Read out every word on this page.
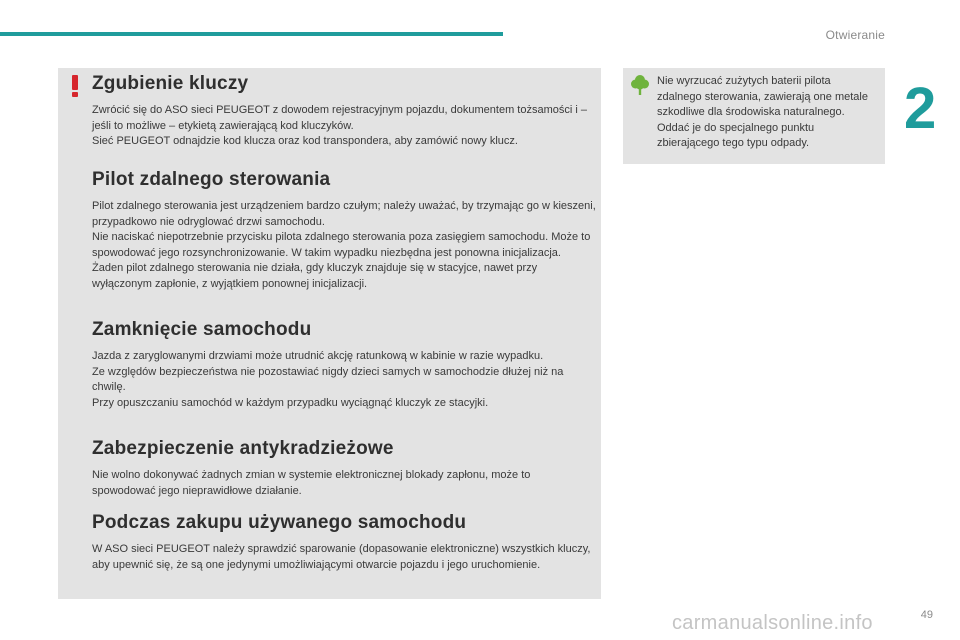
Otwieranie
2
Zgubienie kluczy

Zwrócić się do ASO sieci PEUGEOT z dowodem rejestracyjnym pojazdu, dokumentem tożsamości i – jeśli to możliwe – etykietą zawierającą kod kluczyków.

Sieć PEUGEOT odnajdzie kod klucza oraz kod transpondera, aby zamówić nowy klucz.

Pilot zdalnego sterowania

Pilot zdalnego sterowania jest urządzeniem bardzo czułym; należy uważać, by trzymając go w kieszeni, przypadkowo nie odryglować drzwi samochodu.

Nie naciskać niepotrzebnie przycisku pilota zdalnego sterowania poza zasięgiem samochodu. Może to spowodować jego rozsynchronizowanie. W takim wypadku niezbędna jest ponowna inicjalizacja.

Żaden pilot zdalnego sterowania nie działa, gdy kluczyk znajduje się w stacyjce, nawet przy wyłączonym zapłonie, z wyjątkiem ponownej inicjalizacji.

Zamknięcie samochodu

Jazda z zaryglowanymi drzwiami może utrudnić akcję ratunkową w kabinie w razie wypadku.

Ze względów bezpieczeństwa nie pozostawiać nigdy dzieci samych w samochodzie dłużej niż na chwilę.

Przy opuszczaniu samochód w każdym przypadku wyciągnąć kluczyk ze stacyjki.

Zabezpieczenie antykradzieżowe

Nie wolno dokonywać żadnych zmian w systemie elektronicznej blokady zapłonu, może to spowodować jego nieprawidłowe działanie.

Podczas zakupu używanego samochodu

W ASO sieci PEUGEOT należy sprawdzić sparowanie (dopasowanie elektroniczne) wszystkich kluczy, aby upewnić się, że są one jedynymi umożliwiającymi otwarcie pojazdu i jego uruchomienie.

Nie wyrzucać zużytych baterii pilota zdalnego sterowania, zawierają one metale szkodliwe dla środowiska naturalnego.
Oddać je do specjalnego punktu zbierającego tego typu odpady.
carmanualsonline.info	49
